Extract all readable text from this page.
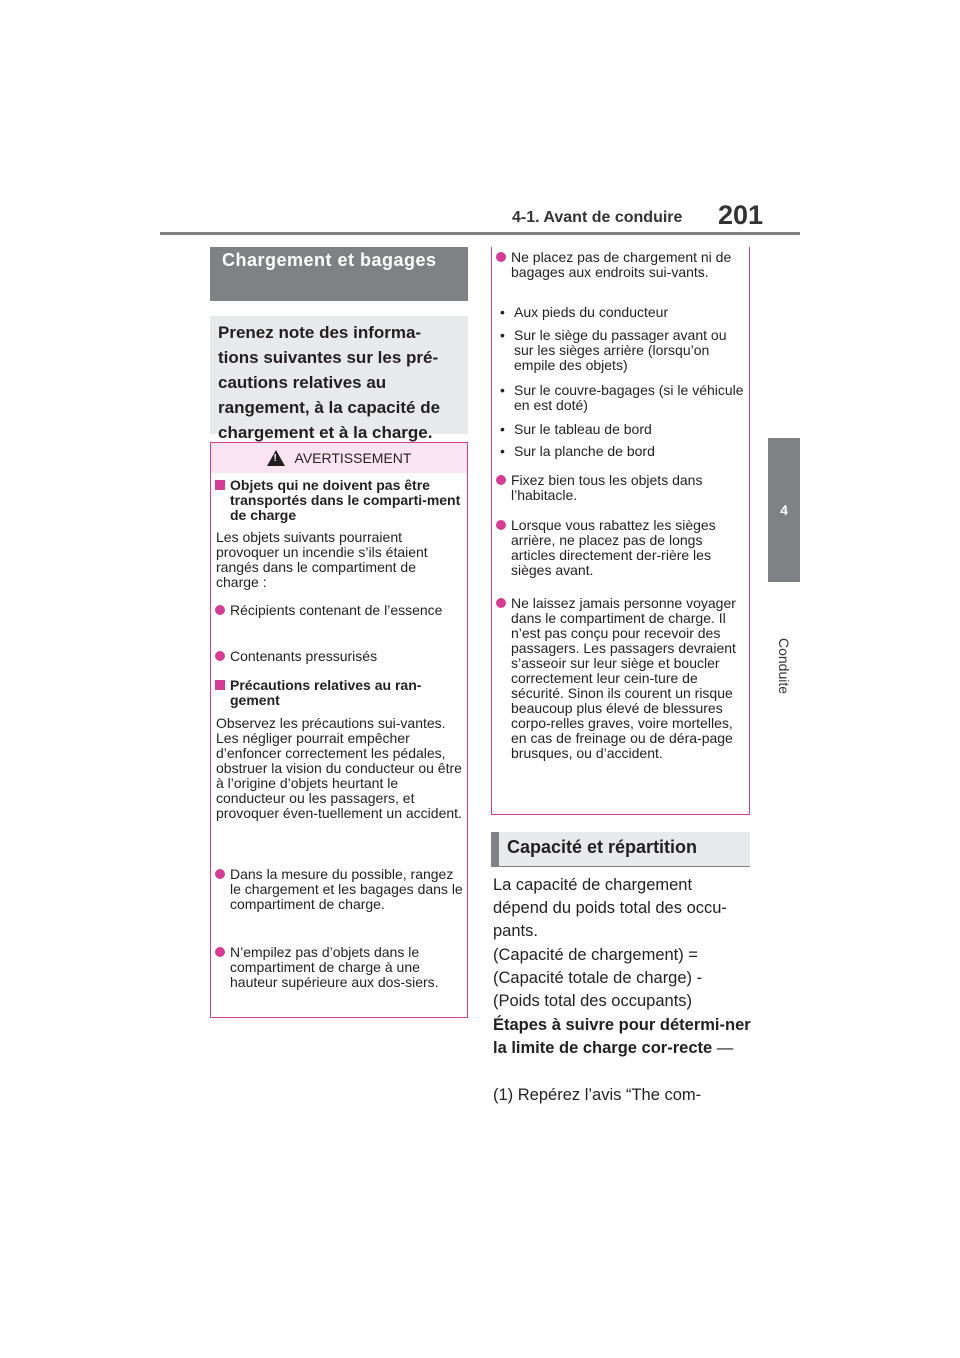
4-1. Avant de conduire 201
4
Conduite
Chargement et bagages
Prenez note des informa-tions suivantes sur les pré-cautions relatives au rangement, à la capacité de chargement et à la charge.
!
AVERTISSEMENT
Objets qui ne doivent pas être transportés dans le comparti-ment de charge
Les objets suivants pourraient provoquer un incendie s’ils étaient rangés dans le compartiment de charge :
Récipients contenant de l’essence
Contenants pressurisés
Précautions relatives au ran-gement
Observez les précautions sui-vantes. Les négliger pourrait empêcher d’enfoncer correctement les pédales, obstruer la vision du conducteur ou être à l’origine d’objets heurtant le conducteur ou les passagers, et provoquer éven-tuellement un accident.
Dans la mesure du possible, rangez le chargement et les bagages dans le compartiment de charge.
N’empilez pas d’objets dans le compartiment de charge à une hauteur supérieure aux dos-siers.
Ne placez pas de chargement ni de bagages aux endroits sui-vants.
• Aux pieds du conducteur
• Sur le siège du passager avant ou sur les sièges arrière (lorsqu’on empile des objets)
• Sur le couvre-bagages (si le véhicule en est doté)
• Sur le tableau de bord
• Sur la planche de bord
Fixez bien tous les objets dans l’habitacle.
Lorsque vous rabattez les sièges arrière, ne placez pas de longs articles directement der-rière les sièges avant.
Ne laissez jamais personne voyager dans le compartiment de charge. Il n’est pas conçu pour recevoir des passagers. Les passagers devraient s’asseoir sur leur siège et boucler correctement leur cein-ture de sécurité. Sinon ils courent un risque beaucoup plus élevé de blessures corpo-relles graves, voire mortelles, en cas de freinage ou de déra-page brusques, ou d’accident.
Capacité et répartition
La capacité de chargement dépend du poids total des occu-pants.
(Capacité de chargement) = (Capacité totale de charge) - (Poids total des occupants)
Étapes à suivre pour détermi-ner la limite de charge cor-recte —
(1) Repérez l’avis “The com-
